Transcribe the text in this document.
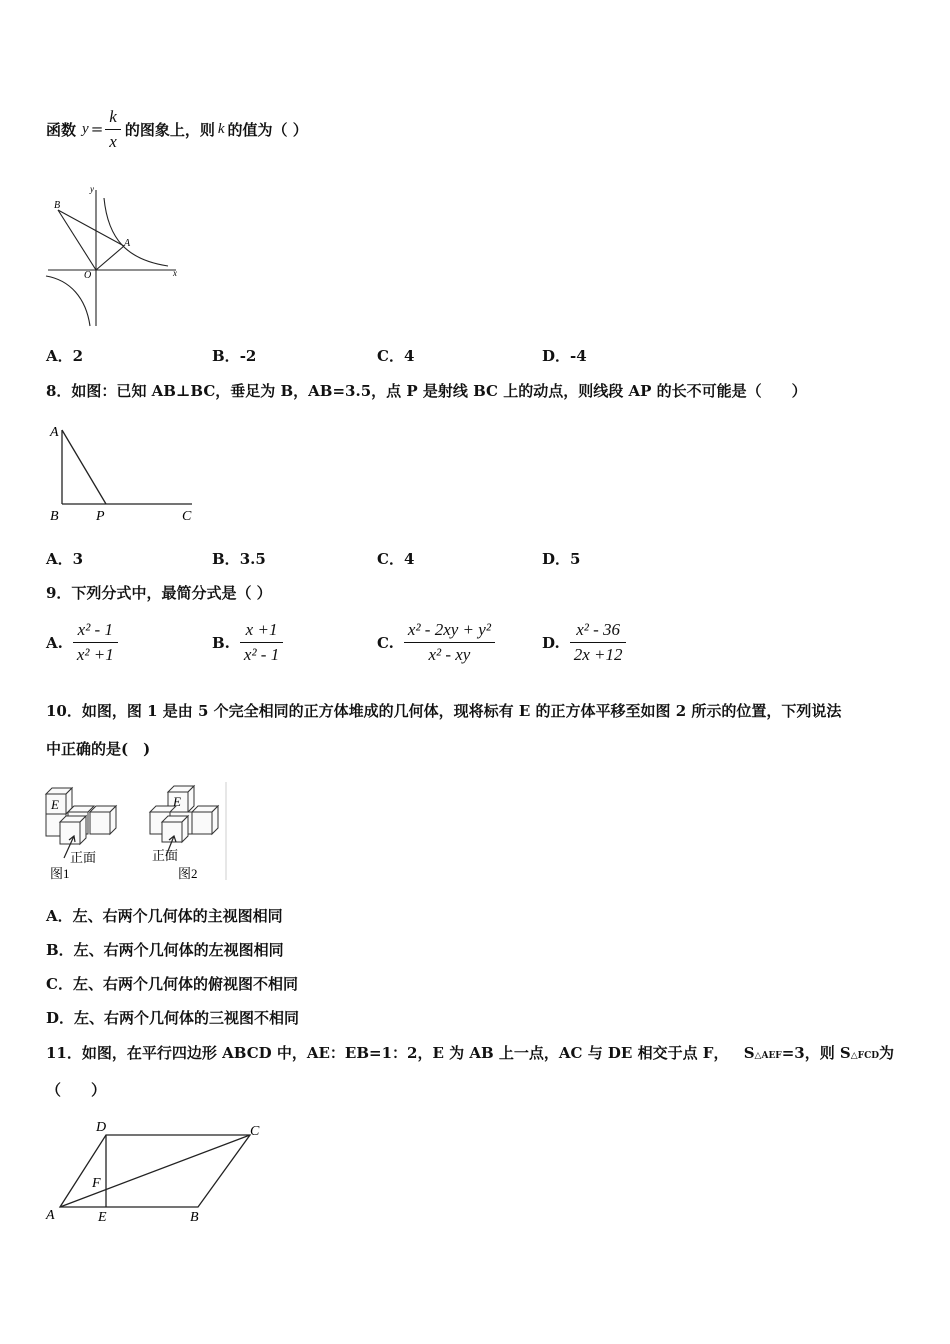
函数 $y = \frac{k}{x}$ 的图象上，则 k 的值为（ ）
B
A
O	x
y
A．2	B．-2	C．4	D．-4
8．如图：已知 AB⊥BC，垂足为 B，AB=3.5，点 P 是射线 BC 上的动点，则线段 AP 的长不可能是（　　）
A
B	P	C
A．3	B．3.5	C．4	D．5
9．下列分式中，最简分式是（ ）
A. $\frac{\text{x² - 1}}{\text{x² +1}}$	B. $\frac{x +1}{\text{x² - 1}}$	C. $\frac{\text{x² - 2xy + y²}}{\text{x² - xy}}$	D. $\frac{\text{x² - 36}}{2x +12}$
10．如图，图 1 是由 5 个完全相同的正方体堆成的几何体，现将标有 E 的正方体平移至如图 2 所示的位置，下列说法
中正确的是(　)
E	E
正面	正面
图1	图2
A．左、右两个几何体的主视图相同
B．左、右两个几何体的左视图相同
C．左、右两个几何体的俯视图不相同
D．左、右两个几何体的三视图不相同
11．如图，在平行四边形 ABCD 中，AE：EB=1：2，E 为 AB 上一点，AC 与 DE 相交于点 F， S△AEF=3，则 S△FCD为
（　　）
D	C
F
A	E	B
